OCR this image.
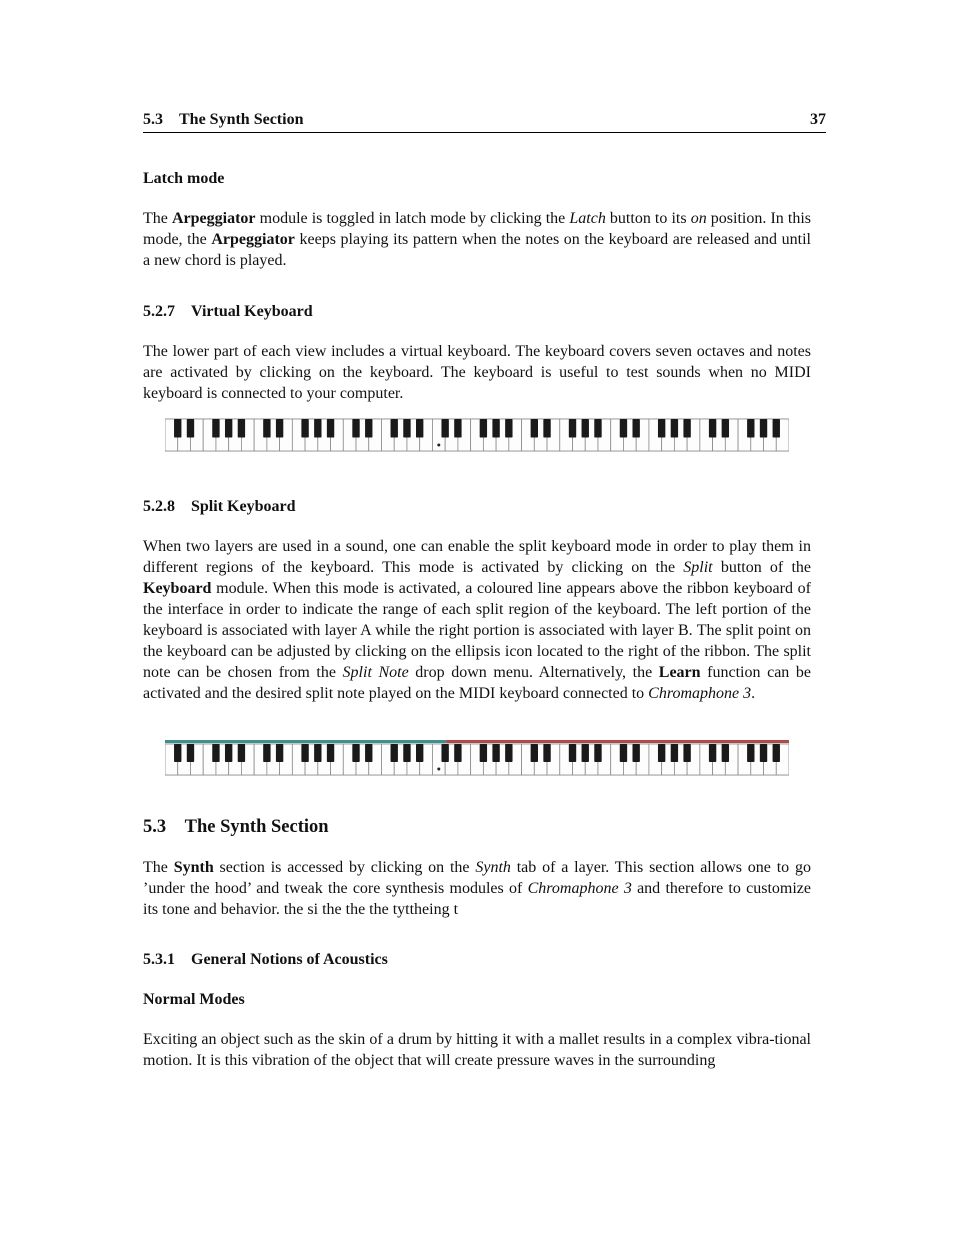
5.3 The Synth Section	37
Latch mode
The Arpeggiator module is toggled in latch mode by clicking the Latch button to its on position. In this mode, the Arpeggiator keeps playing its pattern when the notes on the keyboard are released and until a new chord is played.
5.2.7 Virtual Keyboard
The lower part of each view includes a virtual keyboard. The keyboard covers seven octaves and notes are activated by clicking on the keyboard. The keyboard is useful to test sounds when no MIDI keyboard is connected to your computer.
5.2.8 Split Keyboard
When two layers are used in a sound, one can enable the split keyboard mode in order to play them in different regions of the keyboard. This mode is activated by clicking on the Split button of the Keyboard module. When this mode is activated, a coloured line appears above the ribbon keyboard of the interface in order to indicate the range of each split region of the keyboard. The left portion of the keyboard is associated with layer A while the right portion is associated with layer B. The split point on the keyboard can be adjusted by clicking on the ellipsis icon located to the right of the ribbon. The split note can be chosen from the Split Note drop down menu. Alternatively, the Learn function can be activated and the desired split note played on the MIDI keyboard connected to Chromaphone 3.
5.3 The Synth Section
The Synth section is accessed by clicking on the Synth tab of a layer. This section allows one to go ’under the hood’ and tweak the core synthesis modules of Chromaphone 3 and therefore to customize its tone and behavior. the si the the the tyttheing t
5.3.1 General Notions of Acoustics
Normal Modes
Exciting an object such as the skin of a drum by hitting it with a mallet results in a complex vibra-tional motion. It is this vibration of the object that will create pressure waves in the surrounding
